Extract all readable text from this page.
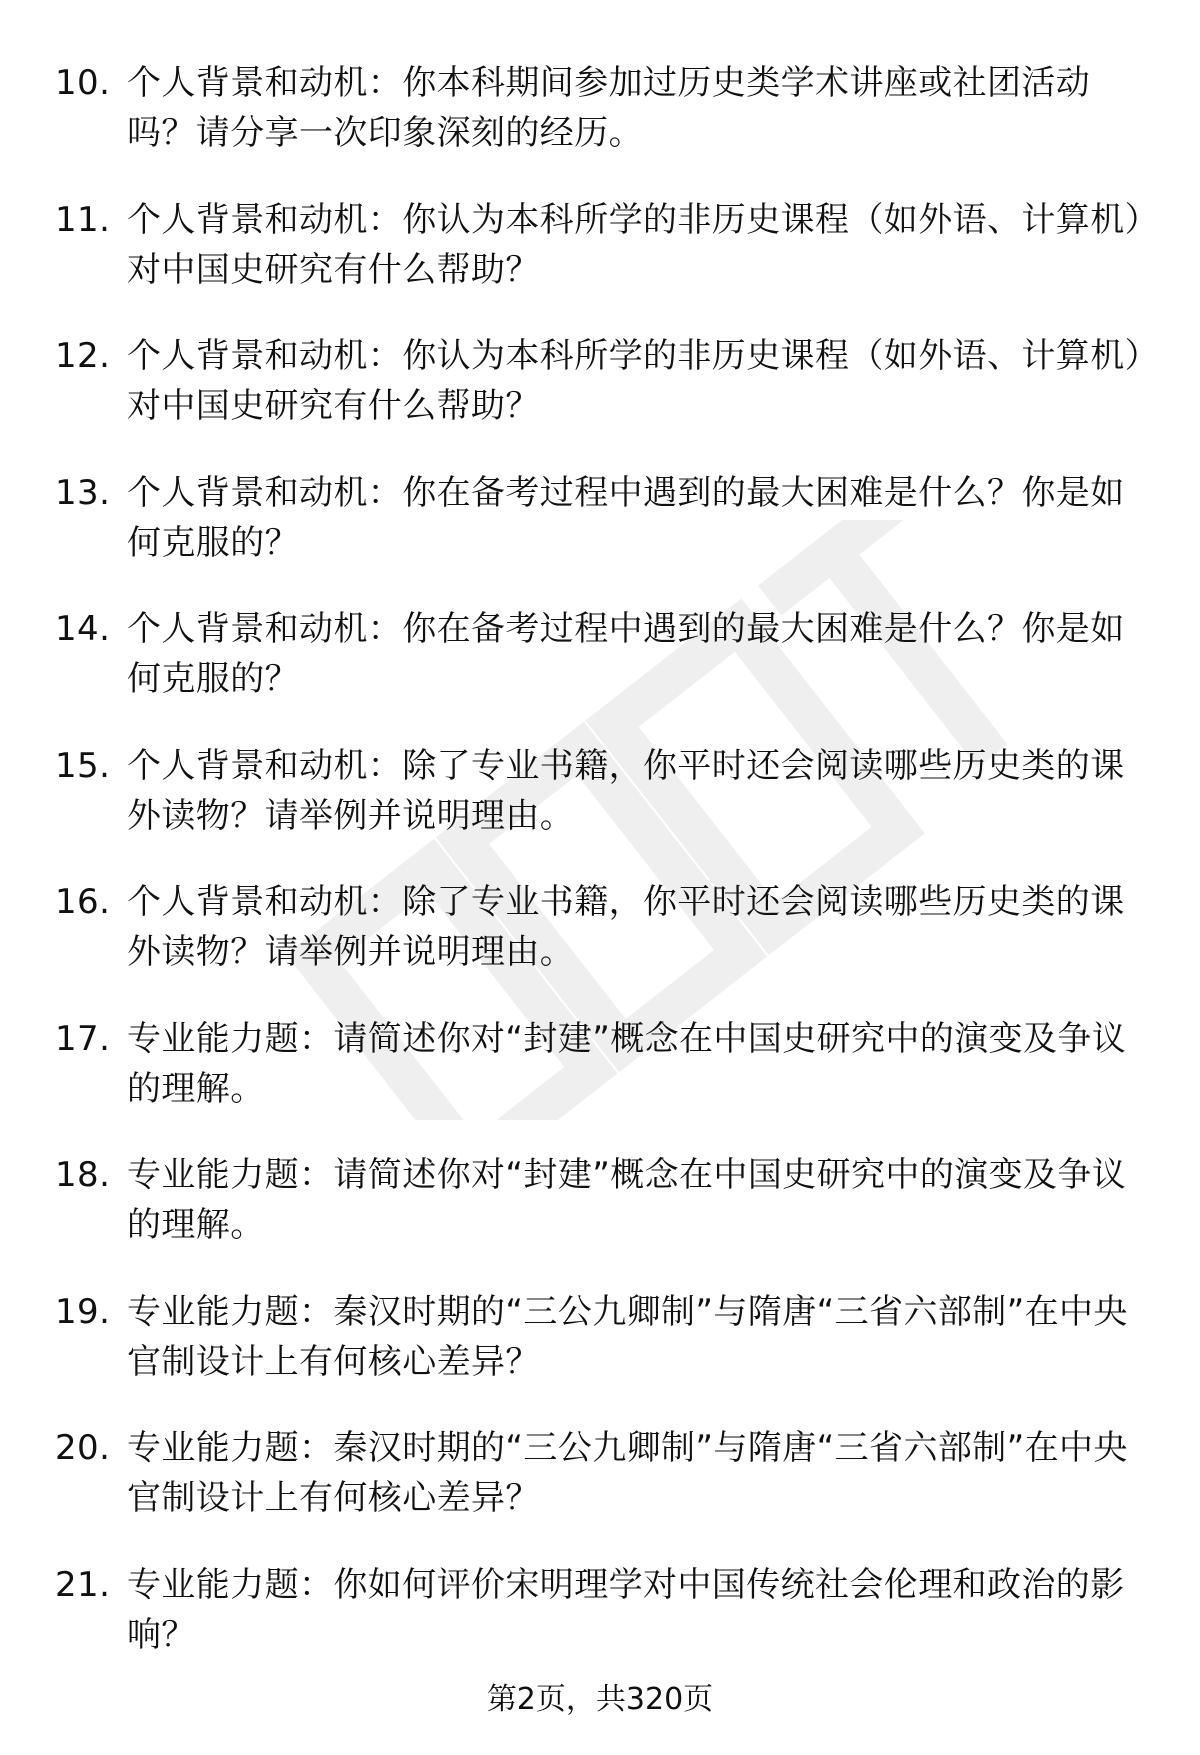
10. 个人背景和动机：你本科期间参加过历史类学术讲座或社团活动吗？请分享一次印象深刻的经历。
11. 个人背景和动机：你认为本科所学的非历史课程（如外语、计算机）对中国史研究有什么帮助？
12. 个人背景和动机：你认为本科所学的非历史课程（如外语、计算机）对中国史研究有什么帮助？
13. 个人背景和动机：你在备考过程中遇到的最大困难是什么？你是如何克服的？
14. 个人背景和动机：你在备考过程中遇到的最大困难是什么？你是如何克服的？
15. 个人背景和动机：除了专业书籍，你平时还会阅读哪些历史类的课外读物？请举例并说明理由。
16. 个人背景和动机：除了专业书籍，你平时还会阅读哪些历史类的课外读物？请举例并说明理由。
17. 专业能力题：请简述你对“封建”概念在中国史研究中的演变及争议的理解。
18. 专业能力题：请简述你对“封建”概念在中国史研究中的演变及争议的理解。
19. 专业能力题：秦汉时期的“三公九卿制”与隋唐“三省六部制”在中央官制设计上有何核心差异？
20. 专业能力题：秦汉时期的“三公九卿制”与隋唐“三省六部制”在中央官制设计上有何核心差异？
21. 专业能力题：你如何评价宋明理学对中国传统社会伦理和政治的影响？
第2页，共320页
